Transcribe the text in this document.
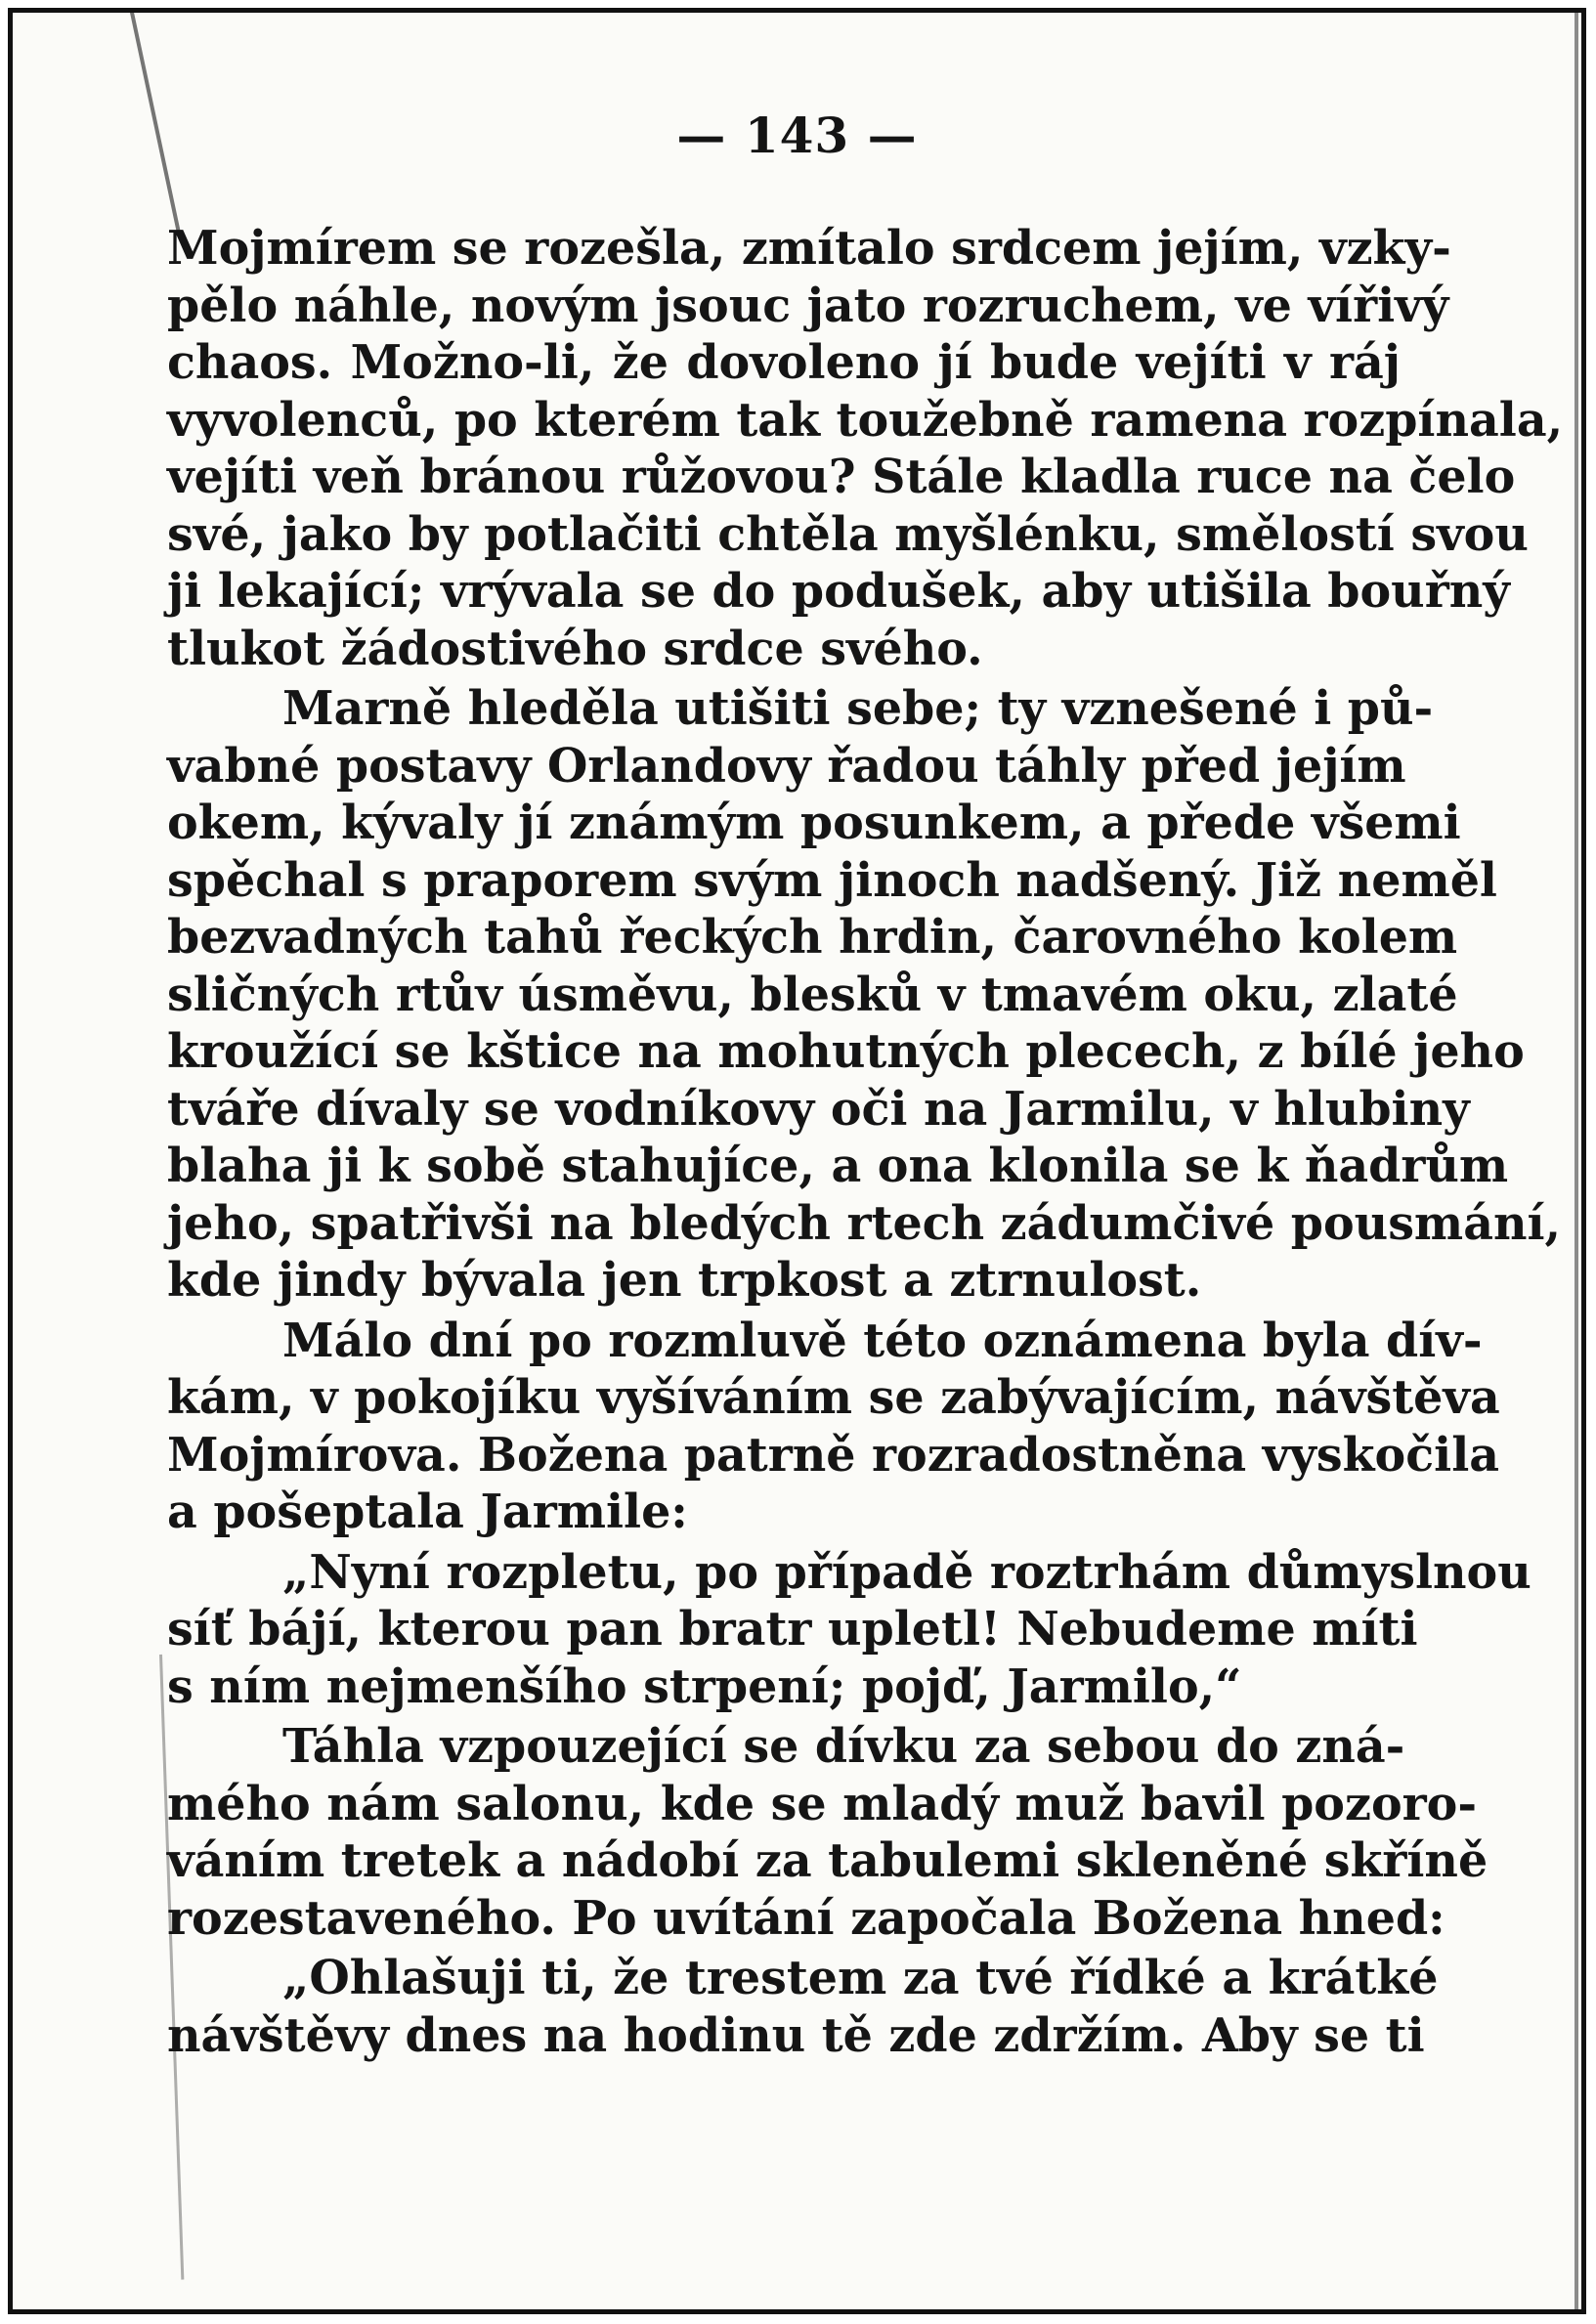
— 143 —
Mojmírem se rozešla, zmítalo srdcem jejím, vzky-
pělo náhle, novým jsouc jato rozruchem, ve vířivý
chaos. Možno-li, že dovoleno jí bude vejíti v ráj
vyvolenců, po kterém tak toužebně ramena rozpínala,
vejíti veň bránou růžovou? Stále kladla ruce na čelo
své, jako by potlačiti chtěla myšlénku, smělostí svou
ji lekající; vrývala se do podušek, aby utišila bouřný
tlukot žádostivého srdce svého.
Marně hleděla utišiti sebe; ty vznešené i pů-
vabné postavy Orlandovy řadou táhly před jejím
okem, kývaly jí známým posunkem, a přede všemi
spěchal s praporem svým jinoch nadšený. Již neměl
bezvadných tahů řeckých hrdin, čarovného kolem
sličných rtův úsměvu, blesků v tmavém oku, zlaté
kroužící se kštice na mohutných plecech, z bílé jeho
tváře dívaly se vodníkovy oči na Jarmilu, v hlubiny
blaha ji k sobě stahujíce, a ona klonila se k ňadrům
jeho, spatřivši na bledých rtech zádumčivé pousmání,
kde jindy bývala jen trpkost a ztrnulost.
Málo dní po rozmluvě této oznámena byla dív-
kám, v pokojíku vyšíváním se zabývajícím, návštěva
Mojmírova. Božena patrně rozradostněna vyskočila
a pošeptala Jarmile:
„Nyní rozpletu, po případě roztrhám důmyslnou
síť bájí, kterou pan bratr upletl! Nebudeme míti
s ním nejmenšího strpení; pojď, Jarmilo,“
Táhla vzpouzející se dívku za sebou do zná-
mého nám salonu, kde se mladý muž bavil pozoro-
váním tretek a nádobí za tabulemi skleněné skříně
rozestaveného. Po uvítání započala Božena hned:
„Ohlašuji ti, že trestem za tvé řídké a krátké
návštěvy dnes na hodinu tě zde zdržím. Aby se ti
